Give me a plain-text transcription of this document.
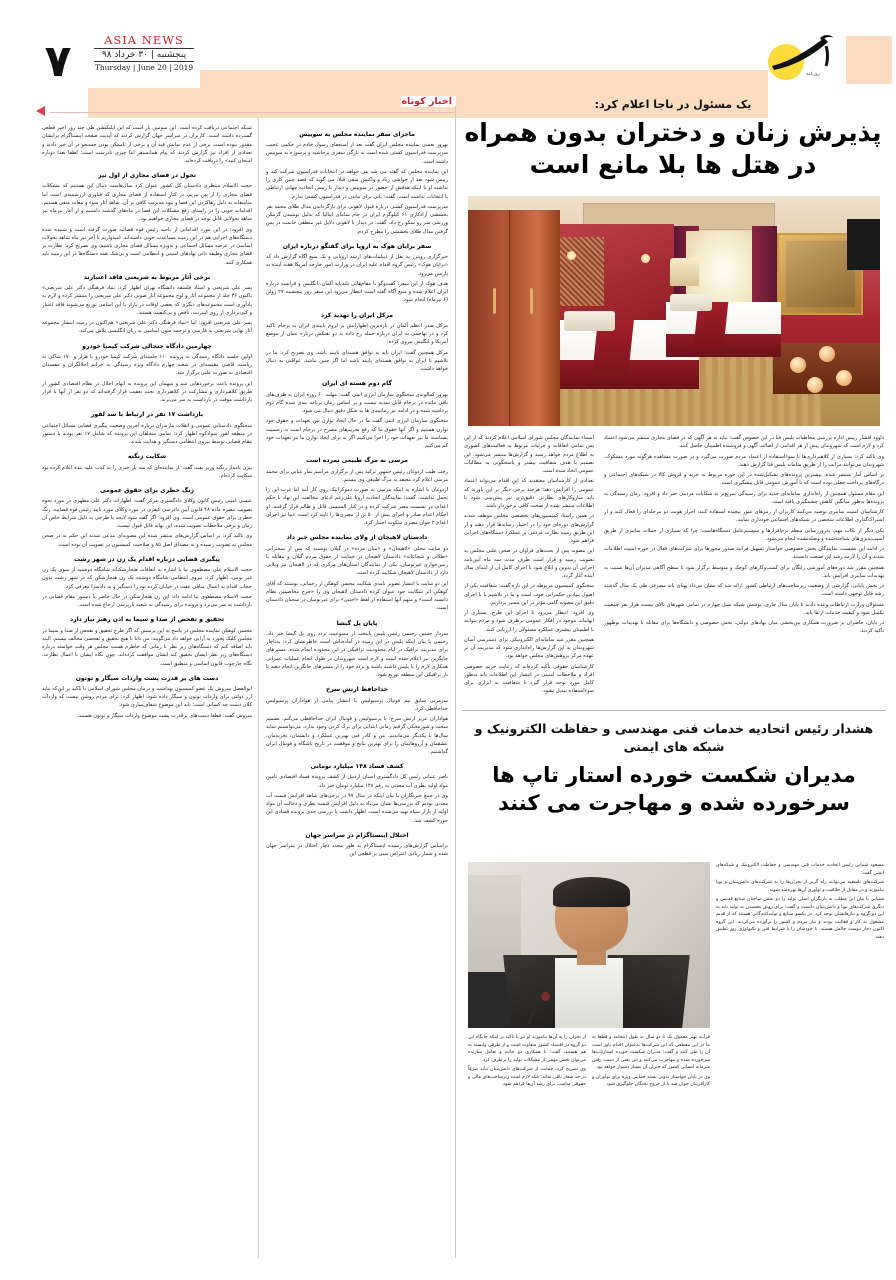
۷	ASIA NEWS
پنجشنبه | ۳۰ خرداد ۹۸
Thursday | June 20 | 2019
روزنامه
اخبار کوتاه	یک مسئول در ناجا اعلام کرد:
پذیرش زنان و دختران بدون همراه در هتل ها بلا مانع است

شبکه اجتماعی دریافت کرده است. این سومین بار است که این اپلیکیشن طی چند روز اخیر قطعی گسترده داشته است. کاربران در سراسر جهان گزارش کردند که آپدیت صفحه اینستاگرام برایشان مقدور نبوده است، برخی از عدم نمایش فید آن و برخی از ناممکن بودن جستجو در آن خبر دادند و تعدادی از افراد نیز گزارش کردند که پیام همانستقر اما چیزی نادرست است؛ لطفا بعدا دوباره امتحان کنید» را دریافت کرده‌اند.

تحول در فضای مجازی از اول تیر

حجت الاسلام منتظری دادستان کل کشور عنوان کرد سال‌هاست دنبال این هستیم که مشکلات فضای مجازی را از بین ببریم، در کنار استفاده از فضای مجازی که فناوری ارزشمندی است اما متاسفانه به دلیل رهاکردن این فضا و نبود مدیریت کافی بر آن، شاهد آثار سوء و تبعات منفی هستیم. اقدامات خوبی را در راستای رفع مشکلات این فضا در ماه‌های گذشته داشتیم و از آغاز تیرماه نیز شاهد تحولاتی قابل توجه در فضای مجازی خواهیم بود.

وی افزود: در این مورد اقداماتی از ناحیه رئیس قوه قضائیه صورت گرفته است و شنیده شده دستگاه‌های اجرایی هم در این زمینه مساعدت خوبی داشته‌اند. امیدواریم تا آخر تیر ماه شاهد تحولات اساسی در عرصه مسائل اجتماعی و به‌ویژه مسائل فضای مجازی باشیم. وی تصریح کرد: نظارت بر فضای مجازی وظیفه ذاتی نهادهای امنیتی و انتظامی است و بی‌شک همه دستگاه‌ها در این زمینه باید همکاری کنند.

برخی آثار مربوط به شریعتی فاقد اعتبارند

پسر علی شریعتی و استاد فلسفه دانشگاه تهران اظهار کرد: بنیاد فرهنگی دکتر علی شریعتی» تاکنون ۳۶ جلد از مجموعه آثار و لوح مجموعه آثار صوتی دکتر علی شریعتی را منتشر کرده و لازم به یادآوری است مجموعه‌های دیگری که بعضی اوقات در بازار با این اسامی توزیع می‌شوند فاقد اعتبار و کپی‌برداری از روی اینترنت، ناقص و بی‌کیفیت هستند.

پسر علی شریعتی افزود: اما «بنیاد فرهنگی دکتر علی شریعتی» هم‌اکنون در زمینه انتشار مجموعه آثار نهایی شریعتی به فارسی و ترجمه متون اساسی به زبان انگلیسی تلاش می‌کند.

چهارمین دادگاه جنجالی شرکت کیمیا خودرو

اولین جلسه دادگاه رسیدگی به پرونده ۱۱۰ جلسه‌ای شرکت کیمیا خودرو با هزار و ۱۷۰ شاکی به ریاست قاضی مقیسه‌ای در شعبه چهارم دادگاه ویژه رسیدگی به جرایم اخلالگران و مفسدان اقتصادی به صورت علنی برگزار شد.

این پرونده باعث برخوردهایی شد و متهمان این پرونده به اتهام اخلال در نظام اقتصادی کشور از طریق کلاهبرداری و مشارکت در کلاهبرداری تحت تعقیب قرار گرفته‌اند که دو نفر از آنها با قرار بازداشت موقت در بازداشت به سر می‌برند.

بازداشت ۱۷ نفر در ارتباط با سد لفور

سخنگوی دادستانی عمومی و انقلاب مازندران درباره آخرین وضعیت پیگیری قضایی مسائل اجتماعی در منطقه لفور سوادکوه اظهار کرد: تمامی متخلفان این پرونده که شامل ۱۷ نفر بودند با دستور مقام قضایی توسط نیروی انتظامی دستگیر و هدایت شدند.

شکایت زنگنه

بیژن نامدار زنگنه وزیر نفت گفت: از نماینده‌ای که سه بار خبری را به کذب علیه بنده اعلام کرده بود شکایت کرده‌ام.

زنگ خطری برای حقوق عمومی

عیسی امینی رئیس کانون وکلای دادگستری مرکز گفت: اظهارات دکتر علی مطهری در مورد نحوه تصویب تبصره ماده ۴۸ قانون آیین دادرسی کیفری در مورد وکلای مورد تایید رئیس قوه قضاییه، زنگ خطری برای حقوق عمومی است. وی افزود: اگر گفته شود لایحه یا طرحی به دلیل شرایط خاص آن زمان و برخی ملاحظات تصویب شده، این بهانه قابل قبول نیست.

وی تاکید کرد: بر اساس گزارش‌های منتشر شده این مصوبه‌ای مدعی شدند این حکم نه در صحن مجلس به تصویب رسیده و نه مصداق اصل ۸۵ و صلاحیت کمیسیون در تصویب آن بوده است.

پیگیری قضایی درباره اقدام یک زن در شهر رشت

حجت الاسلام علی مصطفوی نیا با اشاره به اتفاقات هنجارشکنانه شامگاه دوشنبه از سوی یک زن غیر بومی، اظهار کرد: نیروی انتظامی شامگاه دوشنبه یک زن هنجارشکن که در شهر رشت بدون حجاب اقدام به اعمال منافی عفت در خیابان کرده بود را دستگیر و به دادسرا معرفی کرد.

حجت الاسلام مصطفوی نیا ادامه داد: این زن هنجارشکن در حال حاضر با دستور مقام قضایی در بازداشت به سر می‌برد و پرونده برای رسیدگی به شعبه بازپرسی ارجاع شده است.

تحقیق و تفحص از صدا و سیما به اذن رهبر نیاز دارد

محسن کوهکن نماینده مجلس در پاسخ به این پرسش که اگر طرح تحقیق و تفحص از صدا و سیما در مجلس کلیک بخورد به آرایی خواهد داد می‌گویید: من ذاتا با هیچ تحقیق و تفحصی مخالف نیستم، البته باید اضافه کنم که دستگاه‌های زیر نظر تا زمانی که خاطرم هست مجلس هر وقت خواسته درباره دستگاه‌های زیر نظر ایشان تحقیق کند ایشان موافقت کرده‌اند. چون نگاه ایشان با اعمال نظارت، نگاه چارچوب قانون اساسی و منطبق است.

دست های پر قدرت پشت واردات سیگار و توتون

ابوالفضل سروش یک عضو کمیسیون بهداشت و درمان مجلس شورای اسلامی با تاکید بر این‌که نباید ارز دولتی برای واردات توتون و سیگار داده شود، اظهار کرد: برای مردم روشن نیست که واردات کلان دست چه کسانی است؛ باید این موضوع شفاف‌سازی شود.

سروش گفت: قطعا دست‌های پرقدرت پشت موضوع واردات سیگار و توتون هستند.

ماجرای سفر نماینده مجلس به سوییس

بهروز نعمتی نماینده مجلس ایران گفت بعد از استعفای رسول خادم در حکمی عجیب سرپرست فدراسیون کشتی شده است به تازگی سفری پرحاشیه و پرسوژه به سوییس داشته است.

این نماینده مجلس که گفته می شد می خواهد در انتخابات فدراسیون شرکت کند و رییس شود بعد از حواشی زیاد و واکنش منفی قبلا، می گوید که قصد چنین کاری را نداشته او با اینکه هدفش از حضور در سوییس و دیدار با رییس اتحادیه جهانی ارتباطی با انتخابات نداشته است، گفت: باتی برای ماندن در فدراسیون کشتی ندارم.

سرپرست فدراسیون کشتی درباره قبول لاهوتی برای بازگرداندن مدال طلای محمد بقر بخششی آزادکاری ۶۱ کیلوگرم ایران در جام سامای ایتالیا که بدلیل نوشیدن گرمکن ورزشی سر رو سکو رخ داد، گفت: در دیدار با لاهوتی دلایل غیر منطقی خانمت در پس گرفتن مدال طلای بخششی را مطرح کردم.

سفر برایان هوک به اروپا برای گفتگو درباره ایران

خبرگزاری رویترز به نقل از دیپلمات‌های ارشد اروپایی و یک منبع آگاه گزارش داد که «برایان هوک» رئیس گروه اقدام علیه ایران در وزارت امور خارجه آمریکا هفته آینده به پاریس می‌رود.

هدف هوک از این سفر، گفت‌وگو با مقام‌هایی بلندپایه آلمان، انگلیس و فرانسه درباره ایران اعلام شده و منبع آگاه گفته است انتظار می‌رود این سفر روز پنجشنبه ۲۷ ژوئن (۶ تیرماه) انجام شود.

مرکل ایران را تهدید کرد

مرکل صدر اعظم آلمان در تازه‌ترین اظهاراتش بر لزوم پایبندی ایران به برجام تاکید کرد و در تهاجمی به ایران درباره حمله رخ داده به دو نفتکش درباره عمان از موضع آمریکا و انگلیس پیروی کرده.

مرکل همچنین گفت: ایران باید به توافق هسته‌ای پایبند باشد. وی تصریح کرد: ما در تلاشیم تا ایران به توافق هسته‌ای پایبند باشد اما اگر چنین نباشد، عواقبی به دنبال خواهد داشت.

گام دوم هسته ای ایران

بهروز کمالوندی سخنگوی سازمان انرژی اتمی گفت: مهلت ۶۰ روزه ایران به طرف‌های باقی مانده در برجام قابل تمدید نیست و بر اساس زمان برنامه بندی شده گام دوم برداشته شده و در ادامه نیز زمانبندی ها به شکل دقیق دنبال می شود.

سخنگوی سازمان انرژی اتمی گفت ما در حال ایجاد توازن بین تعهدات و حقوق خود توازن هستیم و اگر آنها حقوق ما که رفع تحریم‌های مصرح در برجام است به رسمیت بشناسند ما نیز تعهدات خود را اجرا می‌کنیم اگر نه برای ایجاد توازن ما نیز تعهدات خود کم می‌کنیم.

مرسی به مرگ طبیعی نمرده است

رجب طیب اردوغان رئیس جمهور ترکیه پس از برگزاری مراسم نماز غیابی برای محمد مرسی اعلام کرد معتقد به مرگ طبیعی وی نیستم.

اردوغان با اشاره به اینکه مرسی به صورت دموکراتیک روی کار آمد اما غرب این را تحمل نداشت، گفت: نمایندگان اتحادیه اروپا علی‌رغم ادعای مخالفت این نهاد با حکم اعدام، در نشست مصر شرکت کرده و در کنار السیسی قاتل و ظالم قرار گرفتند. او احکام اعدام صادر و اجرای بیش از ۵۰ تن از مصری‌ها را تایید کرد است. دنیا نیز اجرای اعدام ۲ جوان مصری سکوت اختیار کرد.

دادستان لاهیجان از ولای نماینده مجلس خبر داد

دو سایت محلی «لاهیجان» و «میان مرده» در گیلان نوشتند که پس از سخنرانی «ظلالی و شجاعانه» دادستان لاهیجان در حمایت از حقوق مردم گیلان و مقابله با زمین‌خواری غیربومیان، یکی از نمایندگان استان‌های مرکزی که در لاهیجان نیز ویلایی دارد از دادستان لاهیجان شکایت کرده است.

این دو سایت با انتشار تصویر نامه‌ی شکایت محسن کوهکن از رحمانی، نوشتند که آقای کوهکن اثر شکایت خود عنوان کرده دادستان لاهیجان وی را «جرح مخاصمین نظام دانسته است» و متهم آنها استفاده از لفظ «اجنبی» برای غیربومیان در سخنان دادستان است.

پایان پل گیشا

سردار حسین رحیمی رئیس پلیس پایتخت از ممنوعیت تردد روی پل گیشا خبر داد. رحیمی با بیان اینکه پلیس در این زمینه در آماده‌باش است خاطرنشان کرد: به‌ناچار برای مدیریت ترافیک در ایام محدودیت ترافیکی در این محدوده انجام شده، مسیرهای جایگزین نیز اعلام شده است و لازم است شهروندان در طول انجام عملیات عمرانی همکاری لازم را با پلیس داشته باشند و تردد خود را از مسیرهای جایگزین انجام دهند تا بار ترافیکی این منطقه توزیع شود.

خداحافظ ارتش سرخ

سرمربی سابق تیم فوتبال پرسپولیس با انتشار پیامی از هواداران پرسپولیس خداحافظی کرد.

هواداران عزیز ارتش سرخ؛ با پرسپولیس و فوتبال ایران خداحافظی می‌کنم. تصمیم سخت و شورمحکی گرفتم زمانی ابتدایی برای ترک کردن وجود ندارد. می‌توانستم شاید سال‌ها با یکدیگر می‌ماندیم. من و کادر فنی بهترین عملکرد و دانشمان، تجربه‌مان، عشقمان و آرزوهایمان را برای بهترین نتایج و موفقیت در تاریخ باشگاه و فوتبال ایران گذاشتیم.

کشف فساد ۱۴۸ میلیارد تومانی

ناصر عتباتی رئیس کل دادگستری استان اردبیل از کشف پرونده فساد اقتصادی تامین مواد اولیه بطری آب معدنی به رقم ۱۴۸ میلیارد تومان خبر داد.

وی در جمع خبرنگاران با بیان اینکه در سال ۹۷ در برخی‌های شاهد افزایش قیمت آب معدنی بودیم که بررسی‌ها نشان می‌داد به دلیل افزایش قیمت بطری و دخالت آن مواد اولیه از بازار سیاه تهیه می‌شده است. اظهار داشت با بررسی جدی پرونده فسادی این حوزه کشف شد.

اختلال اینستاگرام در سراسر جهان

براساس گزارش‌های رسیده اینستاگرام به طور مجدد دچار اختلال در سراسر جهان شده و شمار زیادی اعتراض مبنی بر قطعی این

آسماء نمایندگان مجلس شورای اسلامی اعلام کردند که از این پس تمامی اتفاقات و جزئیات مربوط به فعالیت‌های کشوری به اطلاع مردم خواهد رسید و گزارش‌ها منتشر می‌شود. این تصمیم با هدف شفافیت بیشتر و پاسخگویی به مطالبات عمومی اتخاذ شده است.

تعدادی از کارشناسان معتقدند که این اقدام می‌تواند اعتماد عمومی را افزایش دهد؛ هرچند برخی دیگر بر این باورند که باید سازوکارهای نظارتی دقیق‌تری نیز پیش‌بینی شود تا اطلاعات منتشر شده از صحت کافی برخوردار باشد.

در همین راستا، کمیسیون‌های تخصصی مجلس موظف شدند گزارش‌های دوره‌ای خود را در اختیار رسانه‌ها قرار دهند و از این طریق زمینه نظارت مردمی بر عملکرد دستگاه‌های اجرایی فراهم شود.

این مصوبه پس از بحث‌های فراوان در صحن علنی مجلس به تصویب رسید و قرار است ظرف مدت سه ماه آیین‌نامه اجرایی آن تدوین و ابلاغ شود تا اجرای کامل آن از ابتدای سال آینده آغاز گردد.

سخنگوی کمیسیون مربوطه در این باره گفت: شفافیت یکی از اصول بنیادین حکمرانی خوب است و ما در تلاشیم تا با اجرای دقیق این مصوبه گامی مؤثر در این مسیر برداریم.

وی افزود: انتظار می‌رود با اجرای این طرح، بسیاری از ابهامات موجود در افکار عمومی برطرف شود و مردم بتوانند با اطمینان بیشتری عملکرد مسئولان را ارزیابی کنند.

همچنین مقرر شد سامانه‌ای الکترونیکی برای دسترسی آسان شهروندان به این گزارش‌ها راه‌اندازی شود که مدیریت آن بر عهده مرکز پژوهش‌های مجلس خواهد بود.

کارشناسان حقوقی تأکید کرده‌اند که رعایت حریم خصوصی افراد و ملاحظات امنیتی در انتشار این اطلاعات باید به‌طور کامل مورد توجه قرار گیرد تا شفافیت به ابزاری برای سوءاستفاده تبدیل نشود.

داوود افشار رییس اداره بررسی مخاطبات پلیس فتا در این خصوص گفت: نباید به هر آگهی که در فضای مجازی منتشر می‌شود اعتماد کرد و لازم است که شهروندان پیش از هر اقدامی از اصالت آگهی و فروشنده اطمینان حاصل کنند.

وی تاکید کرد: بسیاری از کلاهبرداری‌ها با سوءاستفاده از اعتماد مردم صورت می‌گیرد و در صورت مشاهده هرگونه مورد مشکوک، شهروندان می‌توانند مراتب را از طریق سامانه پلیس فتا گزارش دهند.

بر اساس آمار منتشر شده، بیشترین پرونده‌های تشکیل‌شده در این حوزه مربوط به خرید و فروش کالا در شبکه‌های اجتماعی و درگاه‌های پرداخت جعلی بوده است که با آموزش عمومی قابل پیشگیری است.

این مقام مسئول همچنین از راه‌اندازی سامانه‌ای جدید برای رسیدگی سریع‌تر به شکایات مردمی خبر داد و افزود: زمان رسیدگی به پرونده‌ها به‌طور میانگین کاهش چشمگیری یافته است.

کارشناسان امنیت سایبری توصیه می‌کنند کاربران از رمزهای عبور پیچیده استفاده کنند، احراز هویت دو مرحله‌ای را فعال کنند و از اشتراک‌گذاری اطلاعات شخصی در شبکه‌های اجتماعی خودداری نمایند.

یکی دیگر از نکات مهم، به‌روزرسانی منظم نرم‌افزارها و سیستم‌عامل دستگاه‌هاست؛ چرا که بسیاری از حملات سایبری از طریق آسیب‌پذیری‌های شناخته‌شده و وصله‌نشده انجام می‌شود.

در ادامه این نشست، نمایندگان بخش خصوصی خواستار تسهیل فرایند صدور مجوزها برای شرکت‌های فعال در حوزه امنیت اطلاعات شدند و آن را لازمه رشد این صنعت دانستند.

همچنین مقرر شد دوره‌های آموزشی رایگان برای کسب‌وکارهای کوچک و متوسط برگزار شود تا سطح آگاهی مدیران آن‌ها نسبت به تهدیدات سایبری افزایش یابد.

در بخش پایانی، گزارشی از وضعیت زیرساخت‌های ارتباطی کشور ارائه شد که نشان می‌داد پهنای باند مصرفی طی یک سال گذشته رشد قابل توجهی داشته است.

مسئولان وزارت ارتباطات وعده دادند تا پایان سال جاری، پوشش شبکه نسل چهارم در تمامی شهرهای بالای بیست هزار نفر جمعیت تکمیل شود و کیفیت خدمات ارتقا یابد.

در پایان، حاضران بر ضرورت همکاری بین‌بخشی میان نهادهای دولتی، بخش خصوصی و دانشگاه‌ها برای مقابله با تهدیدات نوظهور تأکید کردند.

هشدار رئیس اتحادیه خدمات فنی مهندسی و حفاظت الکترونیک و شبکه های ایمنی
مدیران شکست خورده استار تاپ ها سرخورده شده و مهاجرت می کنند

مسعود شنیایی رئیس اتحادیه خدمات فنی مهندسی و حفاظت الکترونیک و شبکه‌های ایمنی گفت:

شرکت‌های بلسفیه می‌توانند راه گریز از بحران‌ها را به شرکت‌های دانش‌بنیان و نوپا بیاموزند و در مقابل از خلاقیت و نوآوری آن‌ها بهره‌مند شوند.

شنیایی با بیان این مطلب به بازیگران اصلی تولید را دو بخش صاحبان صنایع قدیمی و دیگری شرکت‌های نوپا و دانش‌بنیان دانست و گفت: برای رونق بخشیدن به تولید باید به این دو گروه و نیازهایشان توجه کرد. در یکسو صنایع و تولیدکنندگانی هستند که از قدیم مشغول به کار و فعالیت بودند و نیاز مردم و کشور را برآورده می‌کردند. این گروه اکنون دچار دوست چالش هستند. با خودشان را با شرایط فنی و تکنولوژی روز تطبیق دهند.

فرآیند بهتر معمول یک تا دو سال به طول اینجامد و قطعاً به ما در این مقطعی که این شرکت‌ها به‌عنوان اقدام یاور است آن را طی کنند و گفت: مدیران شکست خورده استارتاپ‌ها سرخورده شده و مهاجرت می‌کنند و این یعنی از دست رفتن سرمایه انسانی کشور که جبران آن بسیار دشوار خواهد بود.

وی در پایان خواستار تدوین بسته حمایتی ویژه برای نوآوران و کارآفرینان جوان شد تا از خروج نخبگان جلوگیری شود.

از بحران را به آن‌ها بیاموزند او نیز با تاکید بر اینکه جایگاه این دو گروه در اقتصاد کشور متفاوت است و از طرفی وابسته به هم هستند، گفت: با همکاری دو جانبه و تعامل سازنده می‌توان بخش مهمی از مشکلات تولید را برطرف کرد.

وی تصریح کرد: حمایت از شرکت‌های دانش‌بنیان نباید صرفاً در حد شعار باقی بماند؛ بلکه لازم است زیرساخت‌های مالی و حقوقی مناسب برای رشد آن‌ها فراهم شود.
